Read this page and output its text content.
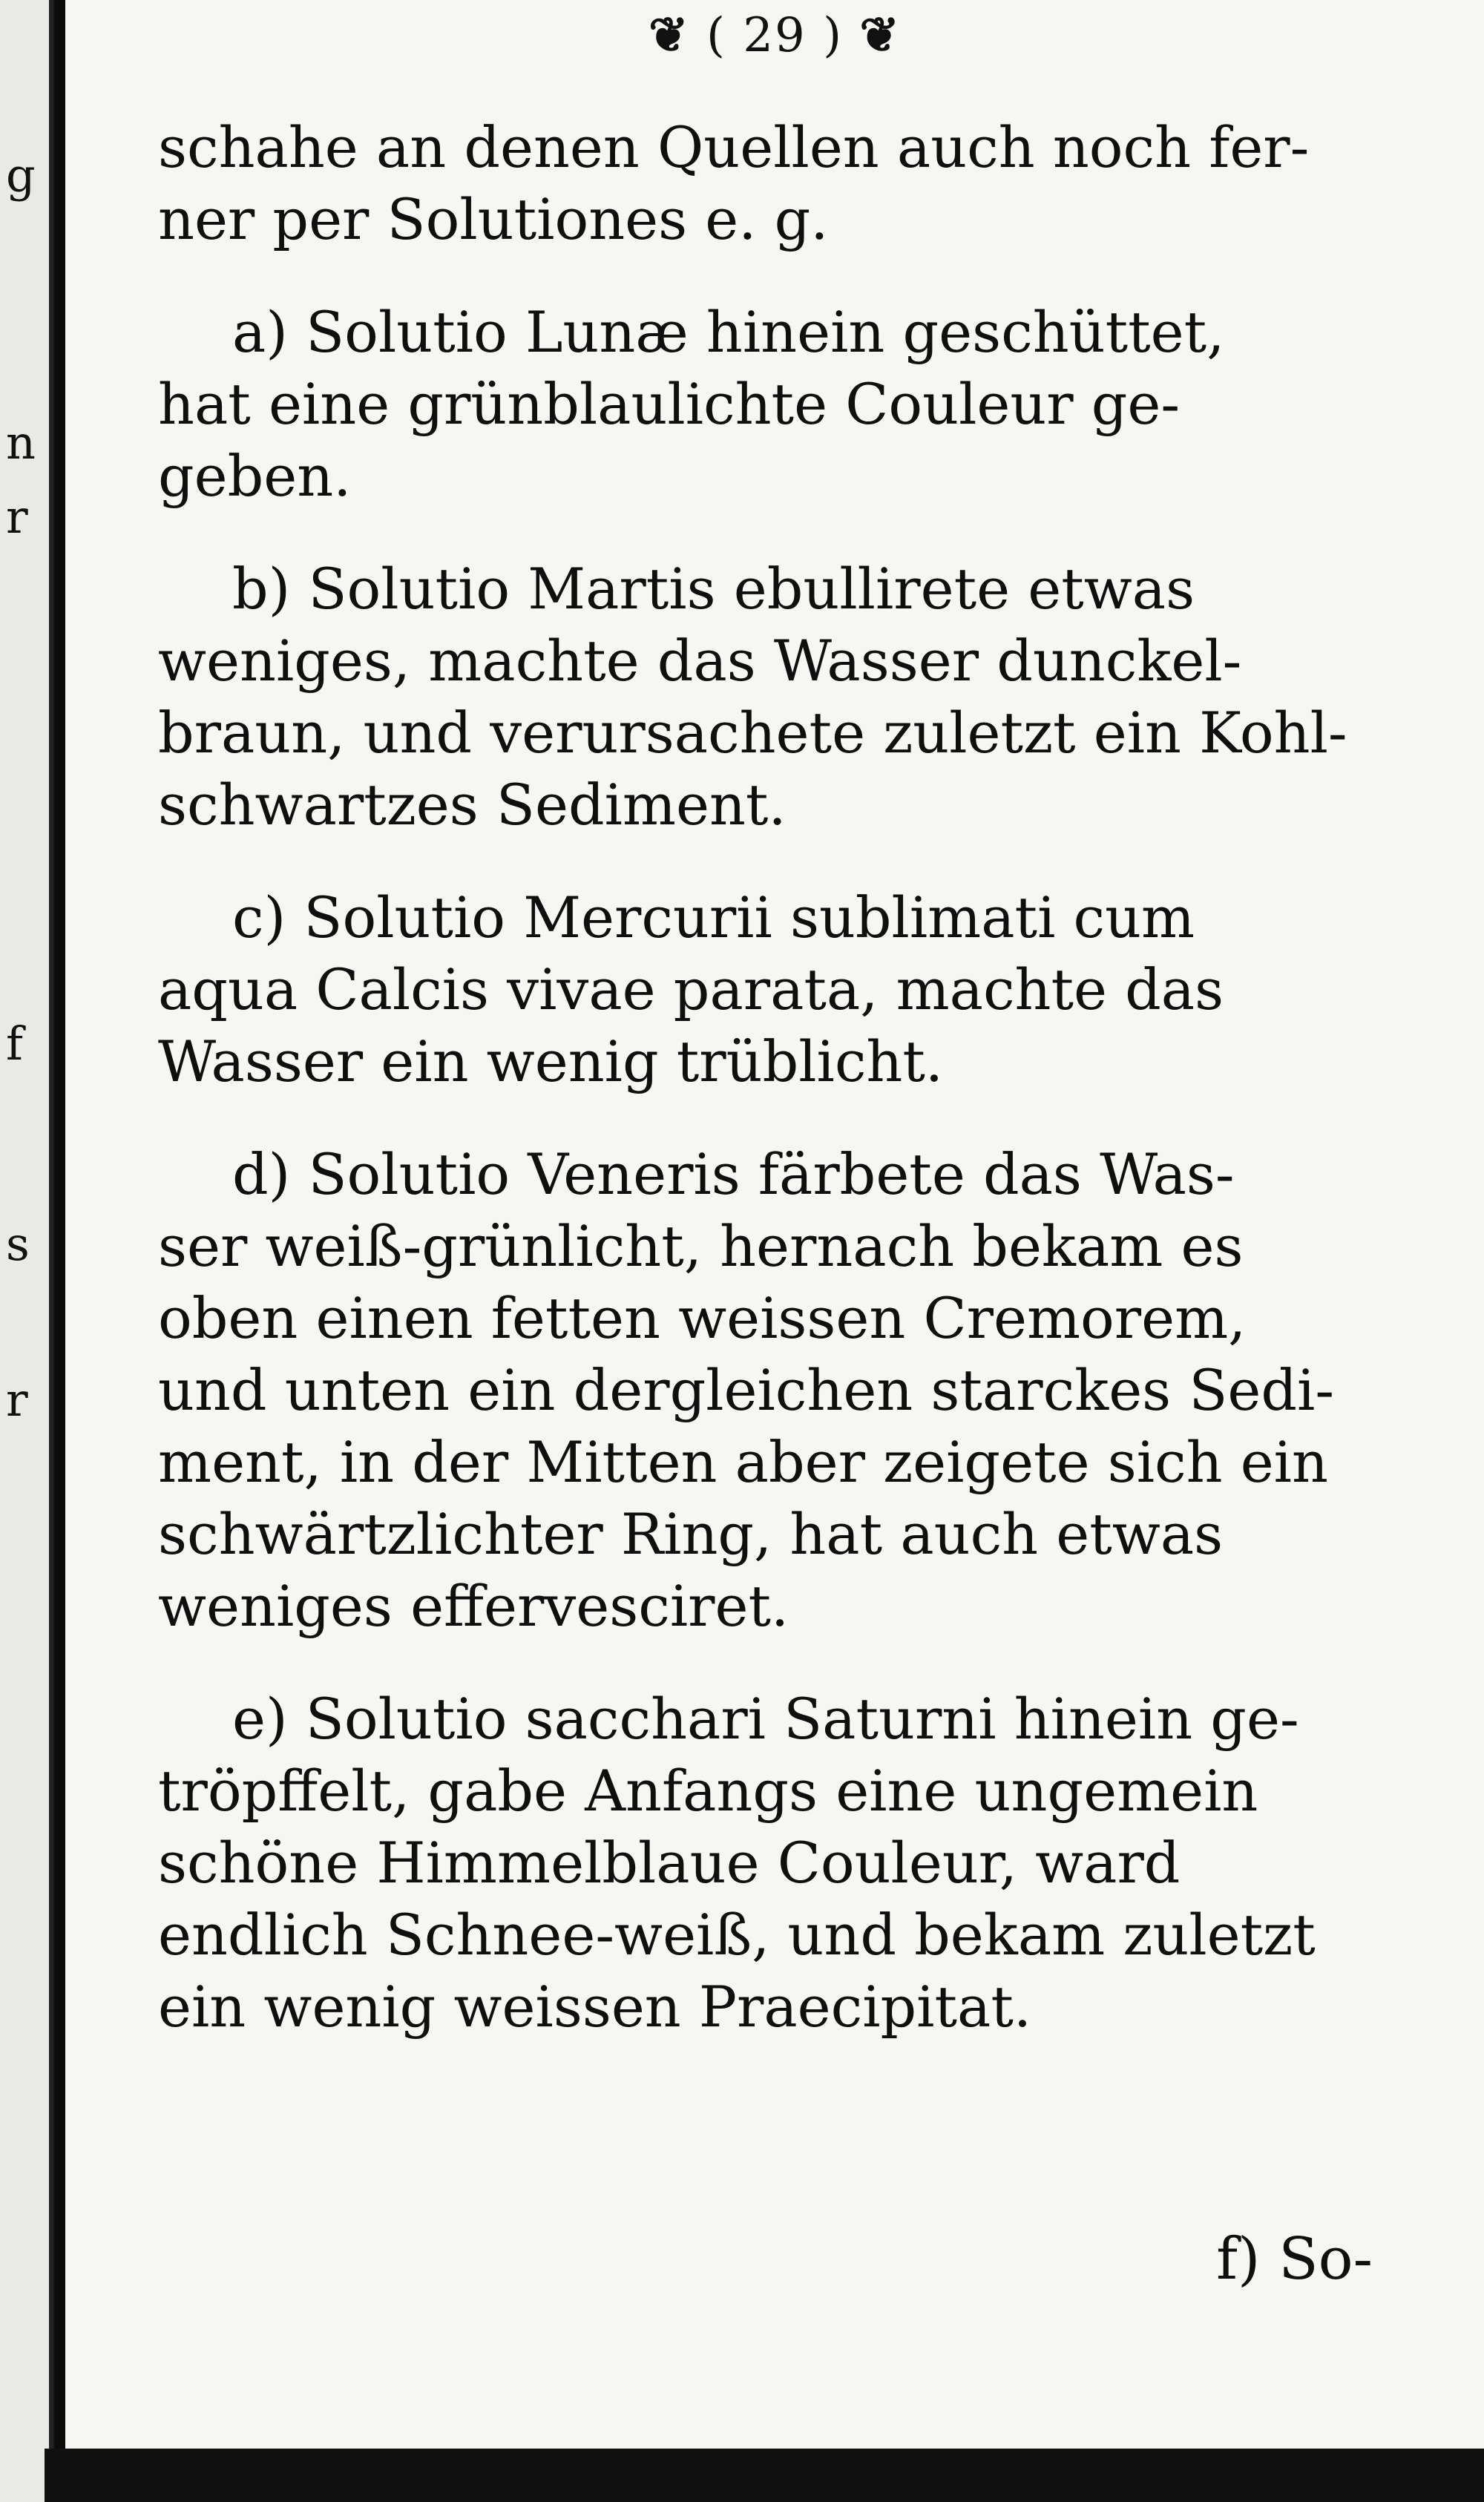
g
n
r
f
s
r
❦ ( 29 ) ❦
schahe an denen Quellen auch noch fer-
ner per Solutiones e. g.
a) Solutio Lunæ hinein geschüttet,
hat eine grünblaulichte Couleur ge-
geben.
b) Solutio Martis ebullirete etwas
weniges, machte das Wasser dunckel-
braun, und verursachete zuletzt ein Kohl-
schwartzes Sediment.
c) Solutio Mercurii sublimati cum
aqua Calcis vivae parata, machte das
Wasser ein wenig trüblicht.
d) Solutio Veneris färbete das Was-
ser weiß-grünlicht, hernach bekam es
oben einen fetten weissen Cremorem,
und unten ein dergleichen starckes Sedi-
ment, in der Mitten aber zeigete sich ein
schwärtzlichter Ring, hat auch etwas
weniges effervesciret.
e) Solutio sacchari Saturni hinein ge-
tröpffelt, gabe Anfangs eine ungemein
schöne Himmelblaue Couleur, ward
endlich Schnee-weiß, und bekam zuletzt
ein wenig weissen Praecipitat.
f) So-
